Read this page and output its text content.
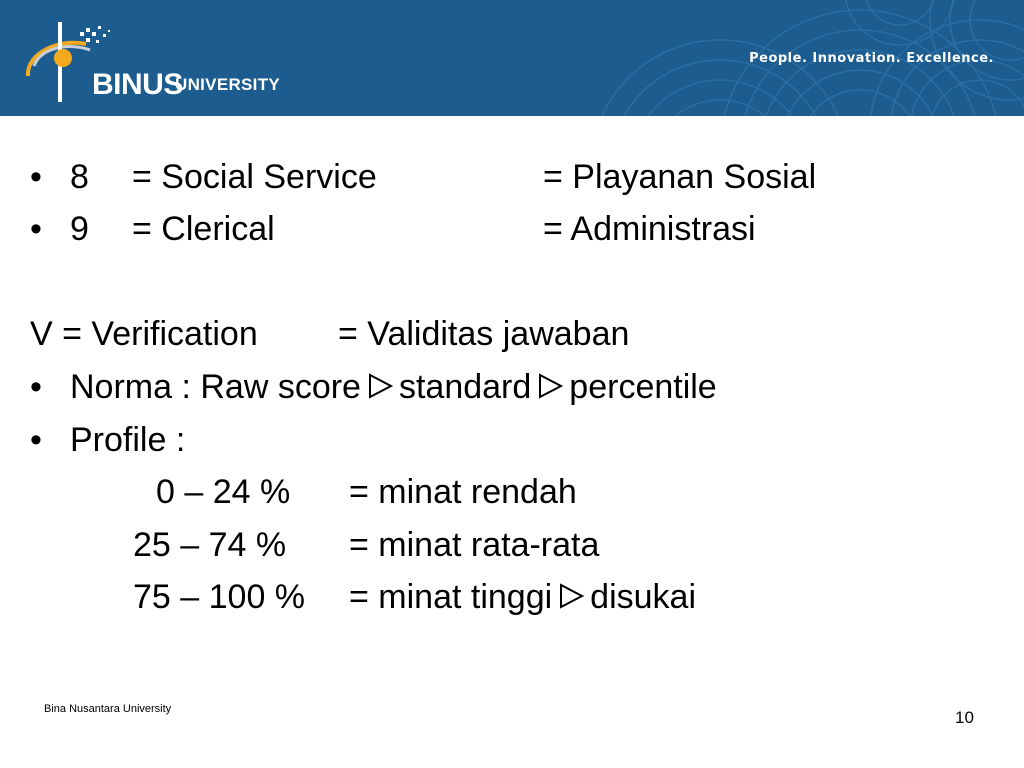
BINUS
UNIVERSITY
People. Innovation. Excellence.
• 8 = Social Service	= Playanan Sosial
• 9 = Clerical	= Administrasi
V = Verification = Validitas jawaban
• Norma : Raw score standard percentile
• Profile :
0 – 24 % = minat rendah
25 – 74 % = minat rata-rata
75 – 100 % = minat tinggi disukai
Bina Nusantara University	10
